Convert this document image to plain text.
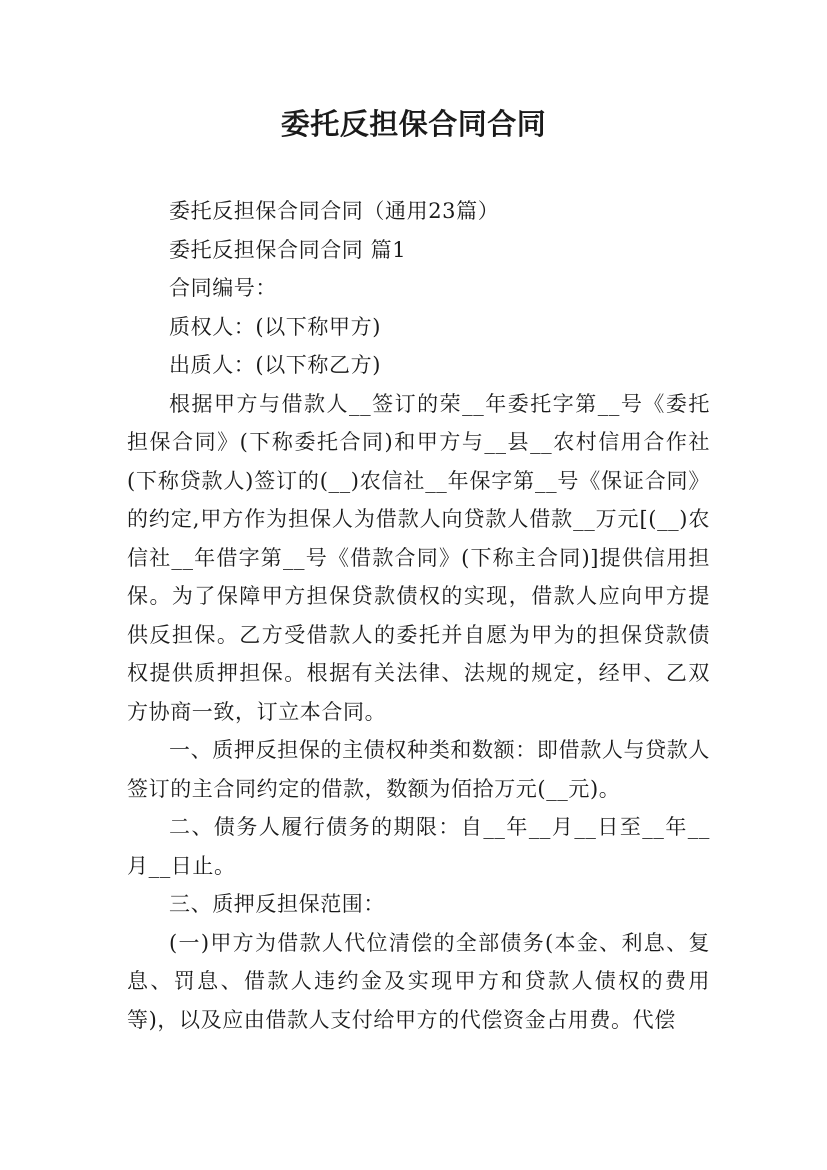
委托反担保合同合同

委托反担保合同合同（通用23篇）

委托反担保合同合同 篇1

合同编号：

质权人：(以下称甲方)

出质人：(以下称乙方)

根据甲方与借款人__签订的荣__年委托字第__号《委托担保合同》(下称委托合同)和甲方与__县__农村信用合作社(下称贷款人)签订的(__)农信社__年保字第__号《保证合同》的约定,甲方作为担保人为借款人向贷款人借款__万元[(__)农信社__年借字第__号《借款合同》(下称主合同)]提供信用担保。为了保障甲方担保贷款债权的实现，借款人应向甲方提供反担保。乙方受借款人的委托并自愿为甲为的担保贷款债权提供质押担保。根据有关法律、法规的规定，经甲、乙双方协商一致，订立本合同。

一、质押反担保的主债权种类和数额：即借款人与贷款人签订的主合同约定的借款，数额为佰拾万元(__元)。

二、债务人履行债务的期限：自__年__月__日至__年__月__日止。

三、质押反担保范围：

(一)甲方为借款人代位清偿的全部债务(本金、利息、复息、罚息、借款人违约金及实现甲方和贷款人债权的费用等)，以及应由借款人支付给甲方的代偿资金占用费。代偿
